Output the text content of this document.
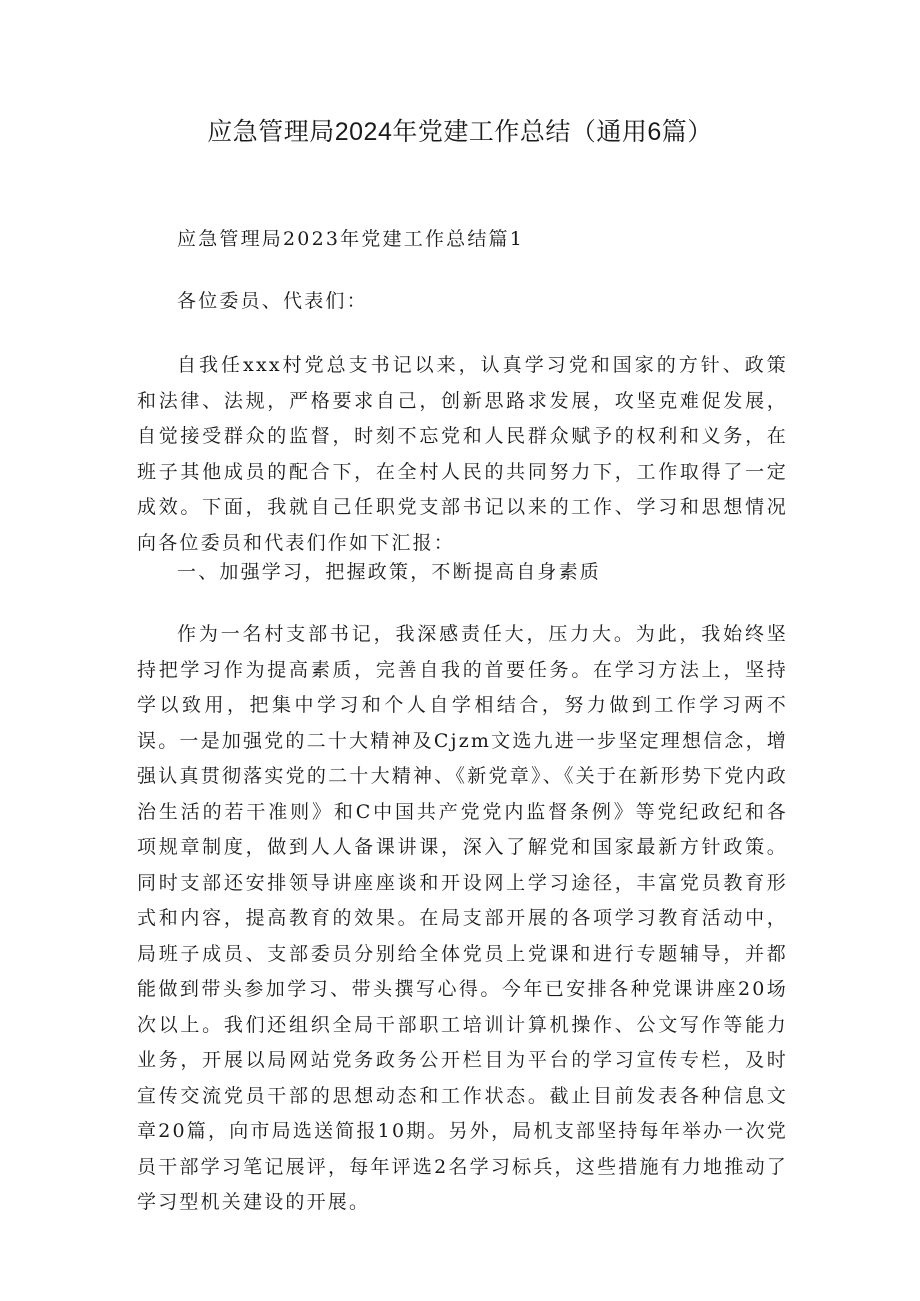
应急管理局2024年党建工作总结（通用6篇）

应急管理局2023年党建工作总结篇1

各位委员、代表们：

自我任xxx村党总支书记以来，认真学习党和国家的方针、政策和法律、法规，严格要求自己，创新思路求发展，攻坚克难促发展，自觉接受群众的监督，时刻不忘党和人民群众赋予的权利和义务，在班子其他成员的配合下，在全村人民的共同努力下，工作取得了一定成效。下面，我就自己任职党支部书记以来的工作、学习和思想情况向各位委员和代表们作如下汇报：

一、加强学习，把握政策，不断提高自身素质

作为一名村支部书记，我深感责任大，压力大。为此，我始终坚持把学习作为提高素质，完善自我的首要任务。在学习方法上，坚持学以致用，把集中学习和个人自学相结合，努力做到工作学习两不误。一是加强党的二十大精神及Cjzm文选九进一步坚定理想信念，增强认真贯彻落实党的二十大精神、《新党章》、《关于在新形势下党内政治生活的若干准则》和C中国共产党党内监督条例》等党纪政纪和各项规章制度，做到人人备课讲课，深入了解党和国家最新方针政策。同时支部还安排领导讲座座谈和开设网上学习途径，丰富党员教育形式和内容，提高教育的效果。在局支部开展的各项学习教育活动中，局班子成员、支部委员分别给全体党员上党课和进行专题辅导，并都能做到带头参加学习、带头撰写心得。今年已安排各种党课讲座20场次以上。我们还组织全局干部职工培训计算机操作、公文写作等能力业务，开展以局网站党务政务公开栏目为平台的学习宣传专栏，及时宣传交流党员干部的思想动态和工作状态。截止目前发表各种信息文章20篇，向市局选送简报10期。另外，局机支部坚持每年举办一次党员干部学习笔记展评，每年评选2名学习标兵，这些措施有力地推动了学习型机关建设的开展。
